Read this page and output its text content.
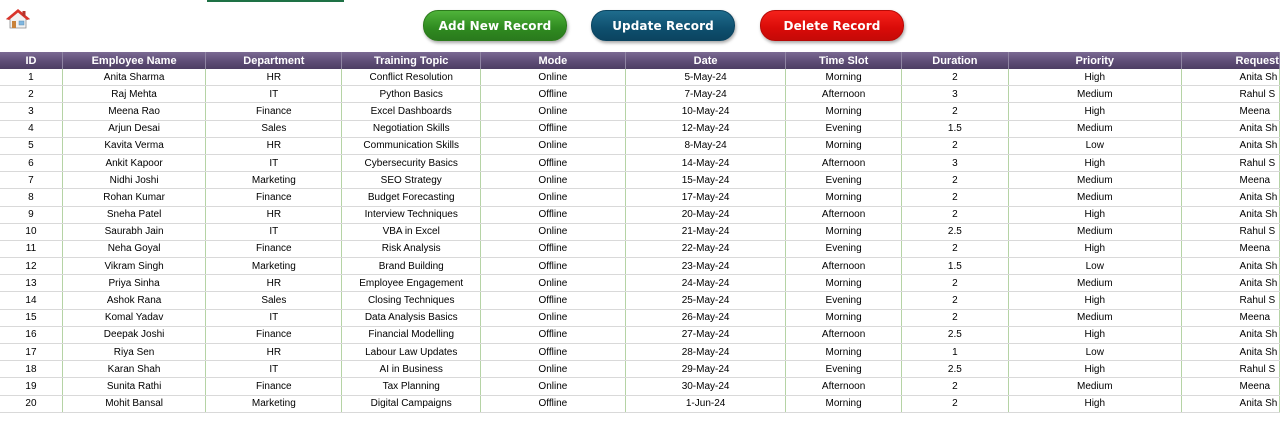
Add New Record	Update Record	Delete Record
ID	Employee Name	Department	Training Topic	Mode	Date	Time Slot	Duration	Priority	Request
1	Anita Sharma	HR	Conflict Resolution	Online	5-May-24	Morning	2	High	Anita Sh
2	Raj Mehta	IT	Python Basics	Offline	7-May-24	Afternoon	3	Medium	Rahul S
3	Meena Rao	Finance	Excel Dashboards	Online	10-May-24	Morning	2	High	Meena
4	Arjun Desai	Sales	Negotiation Skills	Offline	12-May-24	Evening	1.5	Medium	Anita Sh
5	Kavita Verma	HR	Communication Skills	Online	8-May-24	Morning	2	Low	Anita Sh
6	Ankit Kapoor	IT	Cybersecurity Basics	Offline	14-May-24	Afternoon	3	High	Rahul S
7	Nidhi Joshi	Marketing	SEO Strategy	Online	15-May-24	Evening	2	Medium	Meena
8	Rohan Kumar	Finance	Budget Forecasting	Online	17-May-24	Morning	2	Medium	Anita Sh
9	Sneha Patel	HR	Interview Techniques	Offline	20-May-24	Afternoon	2	High	Anita Sh
10	Saurabh Jain	IT	VBA in Excel	Online	21-May-24	Morning	2.5	Medium	Rahul S
11	Neha Goyal	Finance	Risk Analysis	Offline	22-May-24	Evening	2	High	Meena
12	Vikram Singh	Marketing	Brand Building	Offline	23-May-24	Afternoon	1.5	Low	Anita Sh
13	Priya Sinha	HR	Employee Engagement	Online	24-May-24	Morning	2	Medium	Anita Sh
14	Ashok Rana	Sales	Closing Techniques	Offline	25-May-24	Evening	2	High	Rahul S
15	Komal Yadav	IT	Data Analysis Basics	Online	26-May-24	Morning	2	Medium	Meena
16	Deepak Joshi	Finance	Financial Modelling	Offline	27-May-24	Afternoon	2.5	High	Anita Sh
17	Riya Sen	HR	Labour Law Updates	Offline	28-May-24	Morning	1	Low	Anita Sh
18	Karan Shah	IT	AI in Business	Online	29-May-24	Evening	2.5	High	Rahul S
19	Sunita Rathi	Finance	Tax Planning	Online	30-May-24	Afternoon	2	Medium	Meena
20	Mohit Bansal	Marketing	Digital Campaigns	Offline	1-Jun-24	Morning	2	High	Anita Sh
